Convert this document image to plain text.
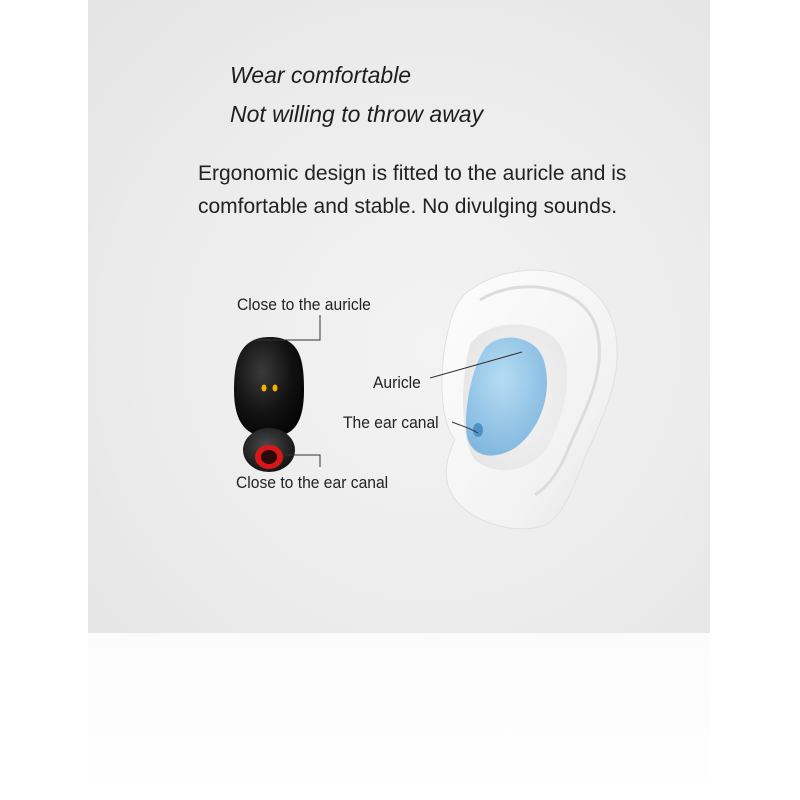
Wear comfortable
Not willing to throw away
Ergonomic design is fitted to the auricle and is
comfortable and stable. No divulging sounds.
Close to the auricle
Close to the ear canal
Auricle
The ear canal
